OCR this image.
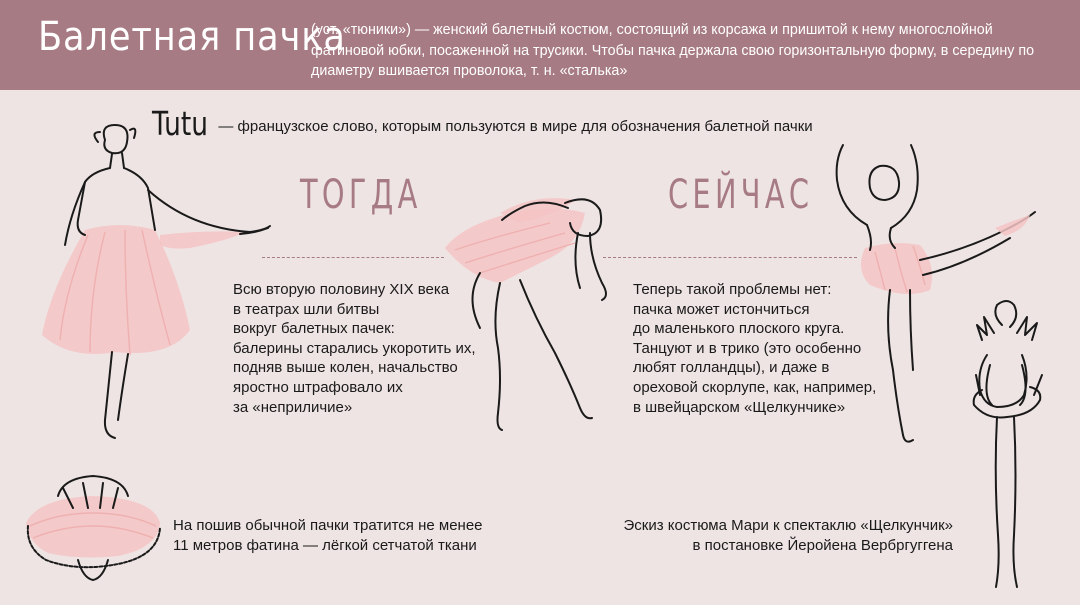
Балетная пачка
(уст. «тюники») — женский балетный костюм, состоящий из корсажа и пришитой к нему многослойной фатиновой юбки, посаженной на трусики. Чтобы пачка держала свою горизонтальную форму, в середину по диаметру вшивается проволока, т. н. «сталька»
Tutu — французское слово, которым пользуются в мире для обозначения балетной пачки
ТОГДА	СЕЙЧАС
Всю вторую половину XIX века
в театрах шли битвы
вокруг балетных пачек:
балерины старались укоротить их,
подняв выше колен, начальство
яростно штрафовало их
за «неприличие»
Теперь такой проблемы нет:
пачка может истончиться
до маленького плоского круга.
Танцуют и в трико (это особенно
любят голландцы), и даже в
ореховой скорлупе, как, например,
в швейцарском «Щелкунчике»
На пошив обычной пачки тратится не менее
11 метров фатина — лёгкой сетчатой ткани
Эскиз костюма Мари к спектаклю «Щелкунчик»
в постановке Йеройена Вербргуггена
